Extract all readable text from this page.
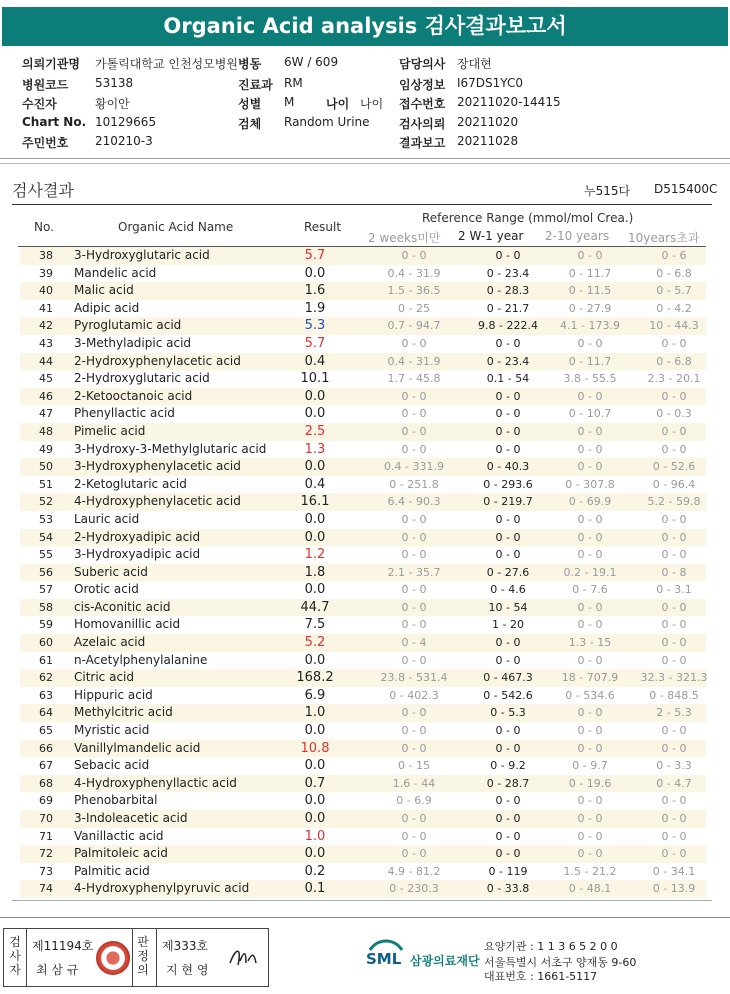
Organic Acid analysis 검사결과보고서
의뢰기관명 가톨릭대학교 인천성모병원 병동 6W / 609	담당의사 장대현
병원코드 53138	진료과 RM	임상정보 I67DS1YC0
수진자	황이안	성별 M	나이 나이 접수번호 20211020-14415
Chart No. 10129665	검체 Random Urine 검사의뢰 20211020
주민번호 210210-3	결과보고 20211028
검사결과	누515다 D515400C
No.	Organic Acid Name	Result
Reference Range (mmol/mol Crea.)
2 weeks미만 2 W-1 year 2-10 years 10years초과
38	3-Hydroxyglutaric acid	5.7	0 - 0	0 - 0	0 - 0	0 - 6
39	Mandelic acid	0.0	0.4 - 31.9	0 - 23.4	0 - 11.7	0 - 6.8
40	Malic acid	1.6	1.5 - 36.5	0 - 28.3	0 - 11.5	0 - 5.7
41	Adipic acid	1.9	0 - 25	0 - 21.7	0 - 27.9	0 - 4.2
42	Pyroglutamic acid	5.3	0.7 - 94.7	9.8 - 222.4	4.1 - 173.9	10 - 44.3
43	3-Methyladipic acid	5.7	0 - 0	0 - 0	0 - 0	0 - 0
44	2-Hydroxyphenylacetic acid	0.4	0.4 - 31.9	0 - 23.4	0 - 11.7	0 - 6.8
45	2-Hydroxyglutaric acid	10.1	1.7 - 45.8	0.1 - 54	3.8 - 55.5	2.3 - 20.1
46	2-Ketooctanoic acid	0.0	0 - 0	0 - 0	0 - 0	0 - 0
47	Phenyllactic acid	0.0	0 - 0	0 - 0	0 - 10.7	0 - 0.3
48	Pimelic acid	2.5	0 - 0	0 - 0	0 - 0	0 - 0
49	3-Hydroxy-3-Methylglutaric acid	1.3	0 - 0	0 - 0	0 - 0	0 - 0
50	3-Hydroxyphenylacetic acid	0.0	0.4 - 331.9	0 - 40.3	0 - 0	0 - 52.6
51	2-Ketoglutaric acid	0.4	0 - 251.8	0 - 293.6	0 - 307.8	0 - 96.4
52	4-Hydroxyphenylacetic acid	16.1	6.4 - 90.3	0 - 219.7	0 - 69.9	5.2 - 59.8
53	Lauric acid	0.0	0 - 0	0 - 0	0 - 0	0 - 0
54	2-Hydroxyadipic acid	0.0	0 - 0	0 - 0	0 - 0	0 - 0
55	3-Hydroxyadipic acid	1.2	0 - 0	0 - 0	0 - 0	0 - 0
56	Suberic acid	1.8	2.1 - 35.7	0 - 27.6	0.2 - 19.1	0 - 8
57	Orotic acid	0.0	0 - 0	0 - 4.6	0 - 7.6	0 - 3.1
58	cis-Aconitic acid	44.7	0 - 0	10 - 54	0 - 0	0 - 0
59	Homovanillic acid	7.5	0 - 0	1 - 20	0 - 0	0 - 0
60	Azelaic acid	5.2	0 - 4	0 - 0	1.3 - 15	0 - 0
61	n-Acetylphenylalanine	0.0	0 - 0	0 - 0	0 - 0	0 - 0
62	Citric acid	168.2	23.8 - 531.4	0 - 467.3	18 - 707.9	32.3 - 321.3
63	Hippuric acid	6.9	0 - 402.3	0 - 542.6	0 - 534.6	0 - 848.5
64	Methylcitric acid	1.0	0 - 0	0 - 5.3	0 - 0	2 - 5.3
65	Myristic acid	0.0	0 - 0	0 - 0	0 - 0	0 - 0
66	Vanillylmandelic acid	10.8	0 - 0	0 - 0	0 - 0	0 - 0
67	Sebacic acid	0.0	0 - 15	0 - 9.2	0 - 9.7	0 - 3.3
68	4-Hydroxyphenyllactic acid	0.7	1.6 - 44	0 - 28.7	0 - 19.6	0 - 4.7
69	Phenobarbital	0.0	0 - 6.9	0 - 0	0 - 0	0 - 0
70	3-Indoleacetic acid	0.0	0 - 0	0 - 0	0 - 0	0 - 0
71	Vanillactic acid	1.0	0 - 0	0 - 0	0 - 0	0 - 0
72	Palmitoleic acid	0.0	0 - 0	0 - 0	0 - 0	0 - 0
73	Palmitic acid	0.2	4.9 - 81.2	0 - 119	1.5 - 21.2	0 - 34.1
74	4-Hydroxyphenylpyruvic acid	0.1	0 - 230.3	0 - 33.8	0 - 48.1	0 - 13.9
검사자
제11194호
최 삼 규
판정의
제333호
지 현 영
SML 삼광의료재단
요양기관 : 1 1 3 6 5 2 0 0
서울특별시 서초구 양재동 9-60
대표번호 : 1661-5117
